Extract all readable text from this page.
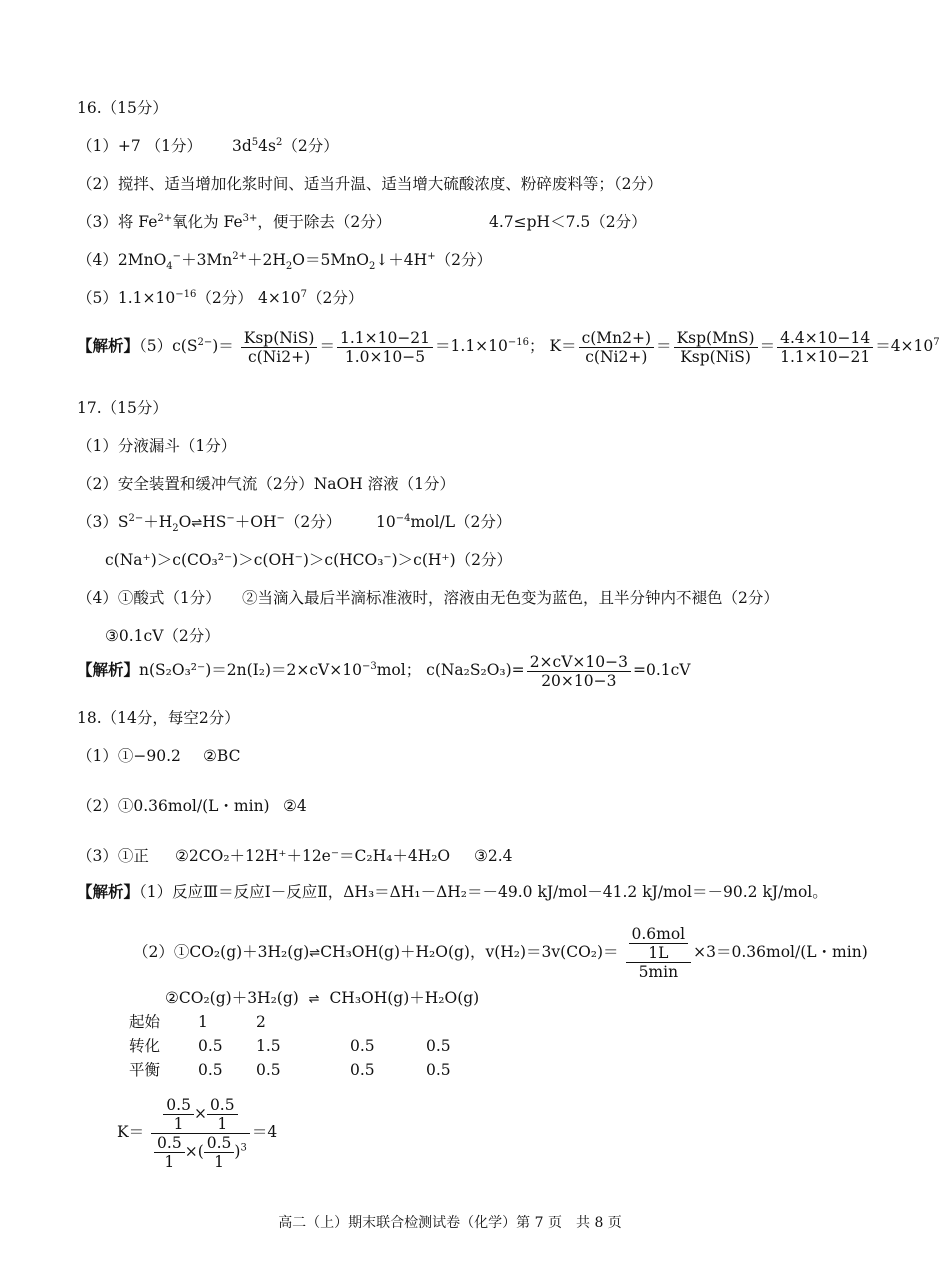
16.（15分）
（1）+7 （1分） $3d^54s^2(2$分）
（2）搅拌、适当增加化浆时间、适当升温、适当增大硫酸浓度、粉碎废料等；（2分）
（3）将 $Fe^{2+}$氧化为 $Fe^{3+}$，便于除去（2分）	4.7≤pH＜7.5（2分）
$(4)2MnO_4^-+3Mn^{2+}+2H_2O=5MnO_2↓+4H^+(2$分）
$(5)1.1\times 10^{-16}(2$分） $4\times 10^7(2$分）
【解析】$(5)c(S^{2-})= \frac{\text{Ksp(NiS)}}{c(Ni2+)} = \frac{1.1\times 10-21}{1.0\times 10-5} =1.1\times 10^{-16}$； $K= \frac{c(Mn2+)}{c(Ni2+)} = \frac{\text{Ksp(MnS)}}{\text{Ksp(NiS)}} = \frac{4.4\times 10-14}{1.1\times 10-21} =4\times 10^7$
17.（15分）
（1）分液漏斗（1分）
（2）安全装置和缓冲气流（2分）NaOH 溶液（1分）
$(3)S^{2-}+H_2O\rightleftharpoons HS^-+OH^-(2$分） $10^{-4}mol/L(2$分）
c(Na⁺)＞c(CO₃²⁻)＞c(OH⁻)＞c(HCO₃⁻)＞c(H⁺)（2分）
（4）①酸式（1分） ②当滴入最后半滴标准液时，溶液由无色变为蓝色，且半分钟内不褪色（2分）
③0.1cV（2分）
【解析】$n(S_2O_3^{2-})=2n(I_2)=2\times cV\times 10^{-3}mol$； $c(Na_2S_2O_3)= \frac{2\times cV\times 10-3}{20\times 10-3} =0.1cV$
18.（14分，每空2分）
（1）①−90.2 ②BC
（2）①0.36mol/(L・min) ②4
（3）①正 ②2CO₂＋12H⁺＋12e⁻＝C₂H₄＋4H₂O ③2.4
【解析】（1）反应Ⅲ＝反应Ⅰ－反应Ⅱ，ΔH₃＝ΔH₁－ΔH₂＝－49.0 kJ/mol－41.2 kJ/mol＝－90.2 kJ/mol。
（2）①CO₂(g)＋3H₂(g)⇌CH₃OH(g)＋H₂O(g)，$v(H_2)=3v(CO_2)= \frac{\frac{\text{0.6mol}}{1L}}{5\min} \times 3=0.36mol/(L$・min)
②CO₂(g)＋3H₂(g) ⇌ CH₃OH(g)＋H₂O(g)
起始 1	2
转化 0.5 1.5	0.5	0.5
平衡 0.5 0.5	0.5	0.5
$K= \frac{\frac{0.5}{1} \times \frac{0.5}{1}}{\frac{0.5}{1} \times( \frac{0.5}{1} )^3} =4$
高二（上）期末联合检测试卷（化学）第 7 页　共 8 页
